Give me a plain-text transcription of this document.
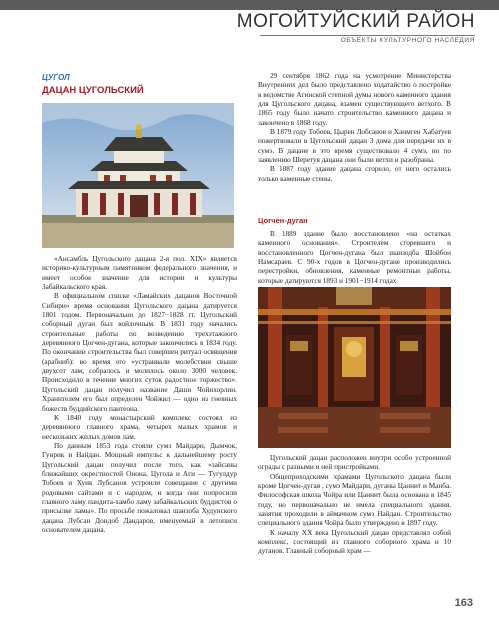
МОГОЙТУЙСКИЙ РАЙОН
ОБЪЕКТЫ КУЛЬТУРНОГО НАСЛЕДИЯ
ЦУГОЛ
ДАЦАН ЦУГОЛЬСКИЙ

«Ансамбль Цугольского дацана 2-я пол. XIX» является историко-культурным памятником федерального значения, и имеет особое значение для истории и культуры Забайкальского края.

В официальном списке «Ламайских дацанов Восточной Сибири» время основания Цугольского дацана датируется 1801 годом. Первоначально до 1827−1828 гг. Цугольский соборный дуган был войлочным. В 1831 году начались строительные работы по возведению трехэтажного деревянного Цогчен-дугана, которые закончились в 1834 году. По окончании строительства был совершен ритуал освящения (арабниб): во время его «устраивали молебствия свыше двухсот лам, собралось и молилось около 3000 человек. Происходило в течение многих суток радостное торжество». Цугольский дацан получил название Даши Чойнхорлин. Хранителем его был определен Чойжил — одно из гневных божеств буддийского пантеона.

К 1840 году монастырский комплекс состоял из деревянного главного храма, четырех малых храмов и нескольких жилых домов лам.

По данным 1853 года стояли сумэ Майдари, Дымчок, Гунрик и Найдан. Мощный импульс к дальнейшему росту Цугольский дацан получил после того, как «зайсаны ближайших окрестностей Онона, Цугола и Аги — Тугулдур Тобоев и Хуик Лубсанов устроили совещание с другими родовыми сайтами и с народом, и когда они попросили главного ламу пандита-хамбо ламу забайкальских буддистов о присылке ламы». По просьбе пожаловал шанзоба Худунского дацана Лубсан Дондоб Дандаров, именуемый в летописи основателем дацана.

29 сентября 1862 года на усмотрение Министерства Внутренних дел было представлено ходатайство о постройке в ведомстве Агинской степной думы нового каменного здания для Цугольского дацана, взамен существующего ветхого. В 1865 году было начато строительство каменного дацана и закончено в 1868 году.

В 1879 году Тобоев, Цырен Лобсанов и Ханмген Хабатуев пожертвовали в Цугольский дацан 3 дома для передачи их в сумэ. В дацане в это время существовало 4 сумэ, но по заявлению Шеретуя дацана они были ветхи и разобраны.

В 1887 году здание дацана сгорело, от него остались только каменные стены.

Цогчен-дуган

В 1889 здание было восстановлено «на остатках каменного основания». Строителем сгоревшего и восстановленного Цогчен-дугана был шанзодба Шойбон Намсараев. С 90-х годов в Цогчен-дугане производились перестройки, обновления, каменные ремонтные работы, которые датируются 1893 и 1901−1914 годах

Цугольский дацан расположен внутри особо устроенной ограды с разными и ней пристройками.

Общеприходскими храмами Цугольского дацана были кроме Цогчен-дугая , сумэ Майдари, дуганы Цаннит и Манба. Философская школа Чойра или Цаннит была основана в 1845 году, но первоначально не имела специального здания, занятия проходили в аймачном сумэ Найдан. Строительство специального здания Чойра было утверждено в 1897 году.

К началу XX века Цугольский дацан представлял собой комплекс, состоящий из главного соборного храма и 10 дуганов. Главный соборный храм —

163
